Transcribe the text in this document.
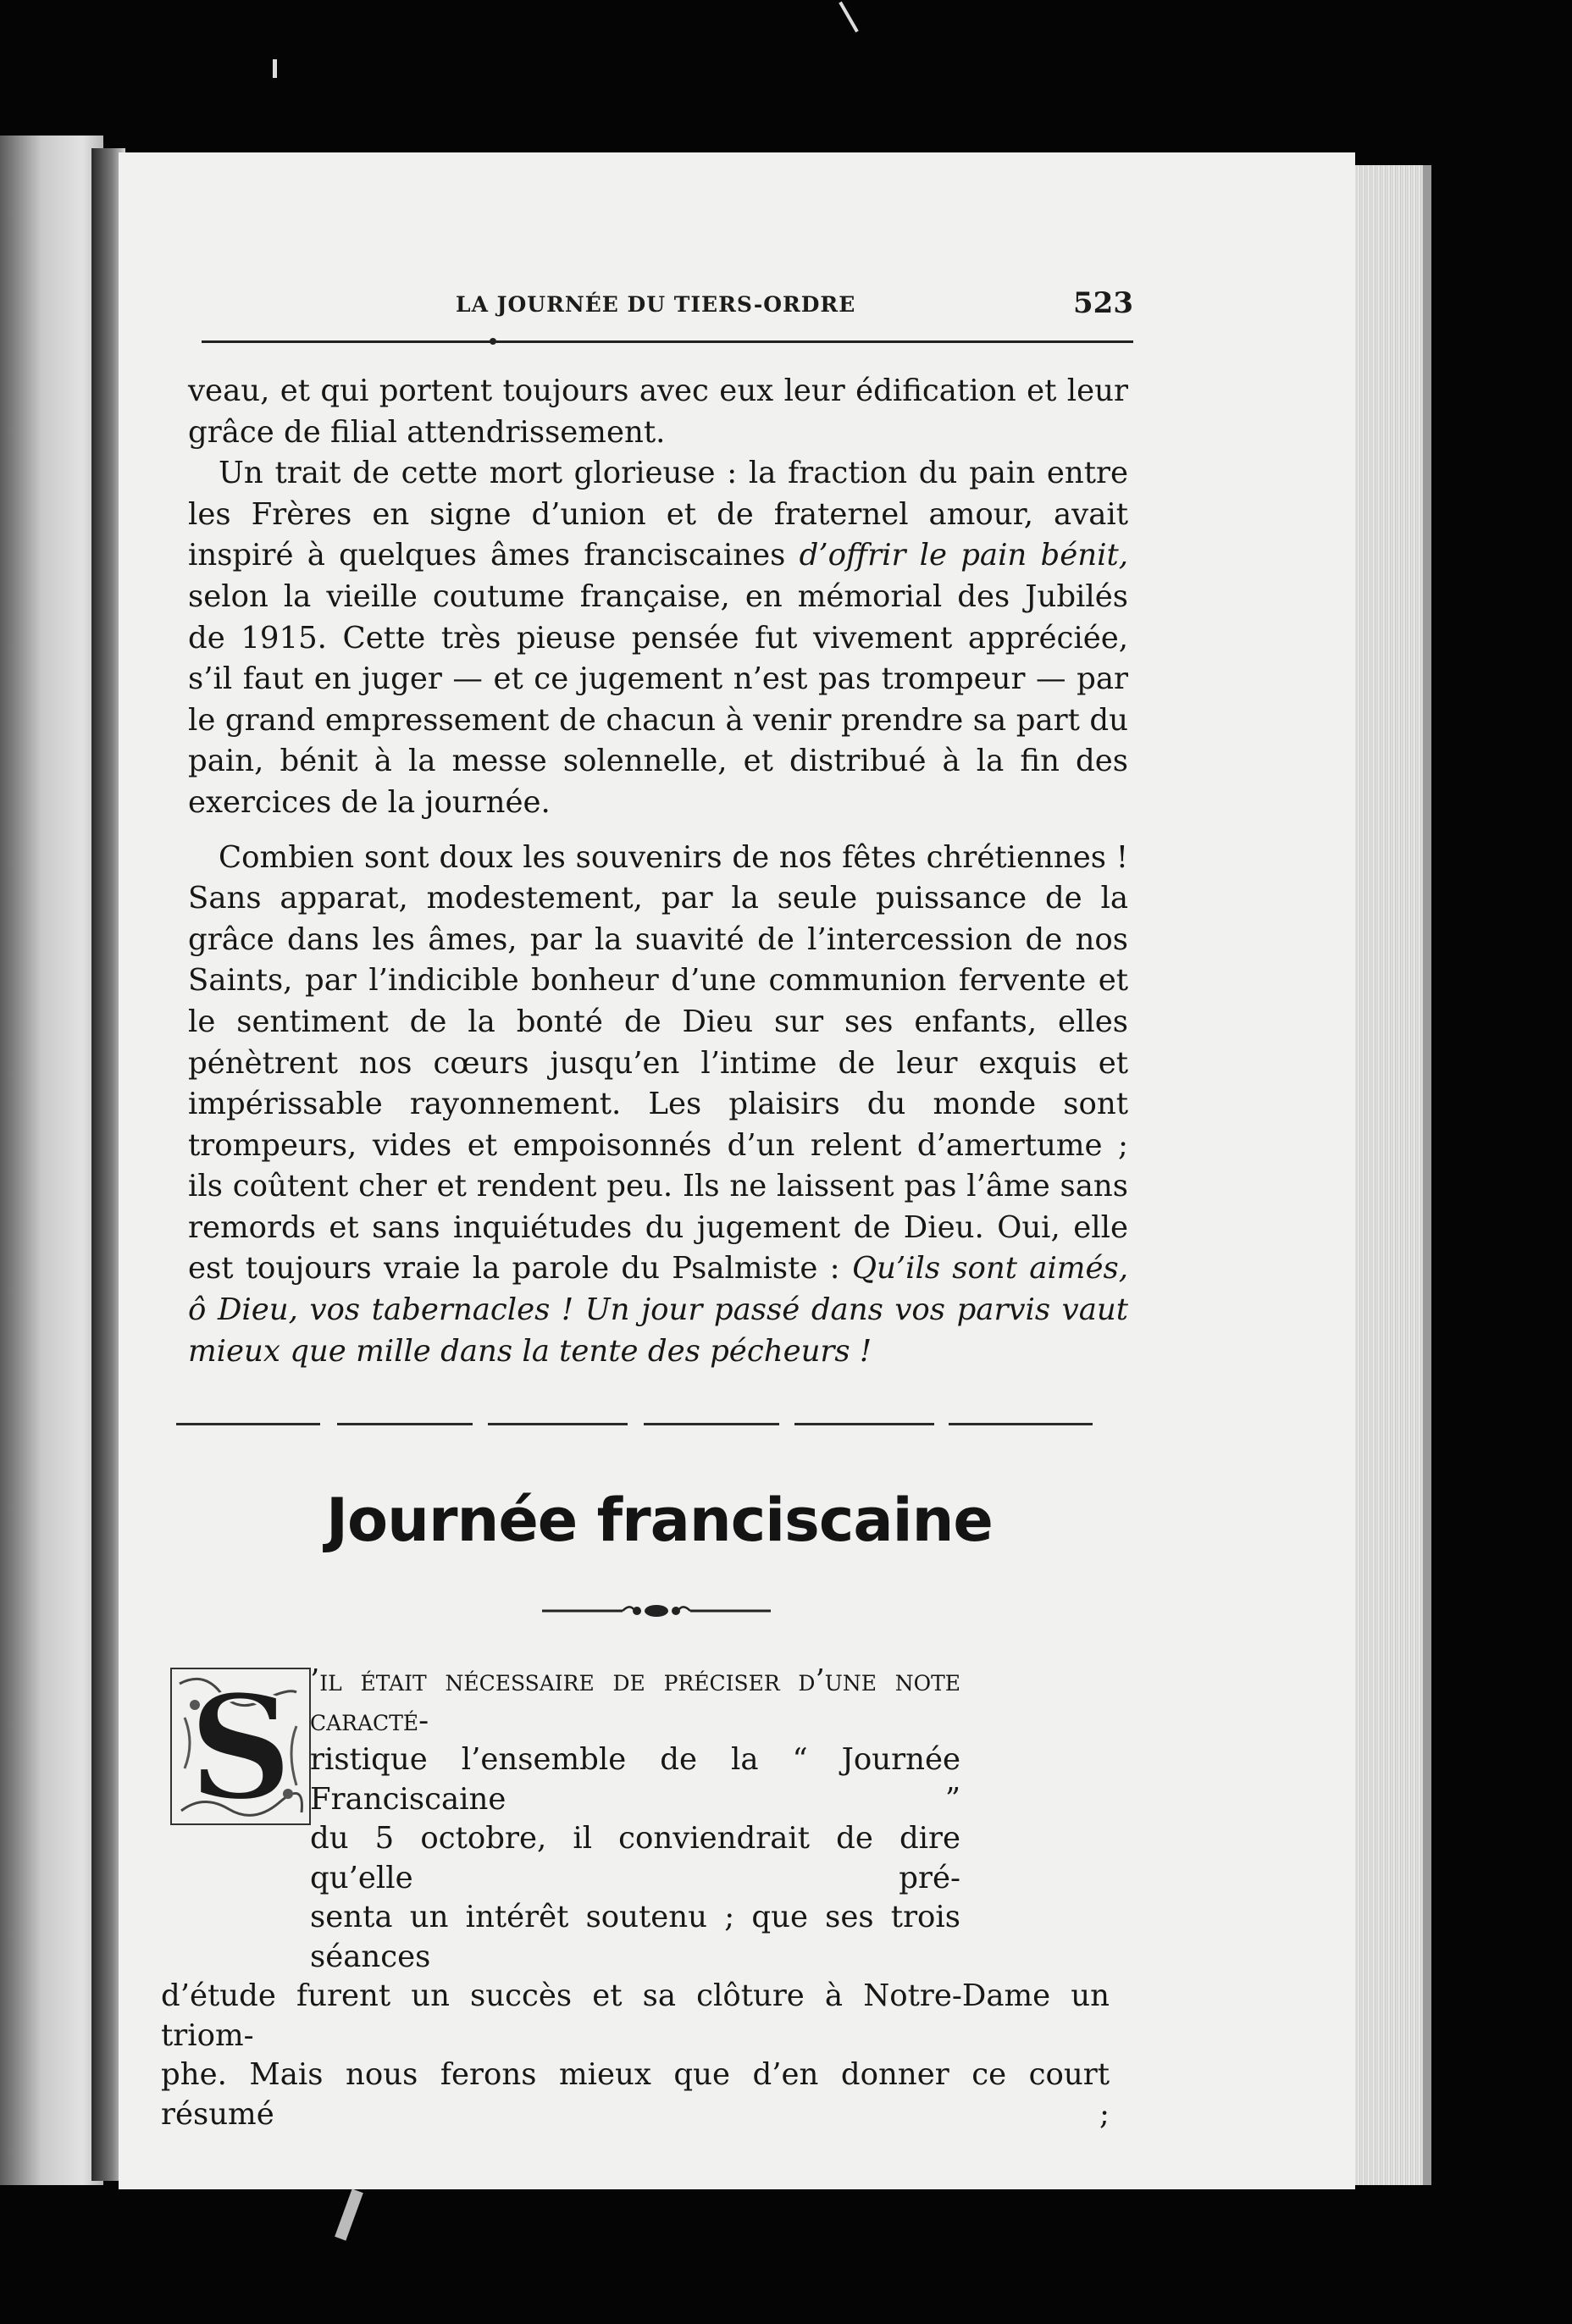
LA JOURNÉE DU TIERS-ORDRE	523

veau, et qui portent toujours avec eux leur édification et leur grâce de filial attendrissement.

Un trait de cette mort glorieuse : la fraction du pain entre les Frères en signe d’union et de fraternel amour, avait inspiré à quelques âmes franciscaines d’offrir le pain bénit, selon la vieille coutume française, en mémorial des Jubilés de 1915. Cette très pieuse pensée fut vivement appréciée, s’il faut en juger — et ce jugement n’est pas trompeur — par le grand empressement de chacun à venir prendre sa part du pain, bénit à la messe solennelle, et distribué à la fin des exercices de la journée.

Combien sont doux les souvenirs de nos fêtes chrétiennes ! Sans apparat, modestement, par la seule puissance de la grâce dans les âmes, par la suavité de l’intercession de nos Saints, par l’indicible bonheur d’une communion fervente et le sentiment de la bonté de Dieu sur ses enfants, elles pénètrent nos cœurs jusqu’en l’intime de leur exquis et impérissable rayonnement. Les plaisirs du monde sont trompeurs, vides et empoisonnés d’un relent d’amertume ; ils coûtent cher et rendent peu. Ils ne laissent pas l’âme sans remords et sans inquiétudes du jugement de Dieu. Oui, elle est toujours vraie la parole du Psalmiste : Qu’ils sont aimés, ô Dieu, vos tabernacles ! Un jour passé dans vos parvis vaut mieux que mille dans la tente des pécheurs !

Journée franciscaine
S ’il était nécessaire de préciser d’une note caracté-
ristique l’ensemble de la “ Journée Franciscaine ”
du 5 octobre, il conviendrait de dire qu’elle pré-
senta un intérêt soutenu ; que ses trois séances
d’étude furent un succès et sa clôture à Notre-Dame un triom-
phe. Mais nous ferons mieux que d’en donner ce court résumé ;
